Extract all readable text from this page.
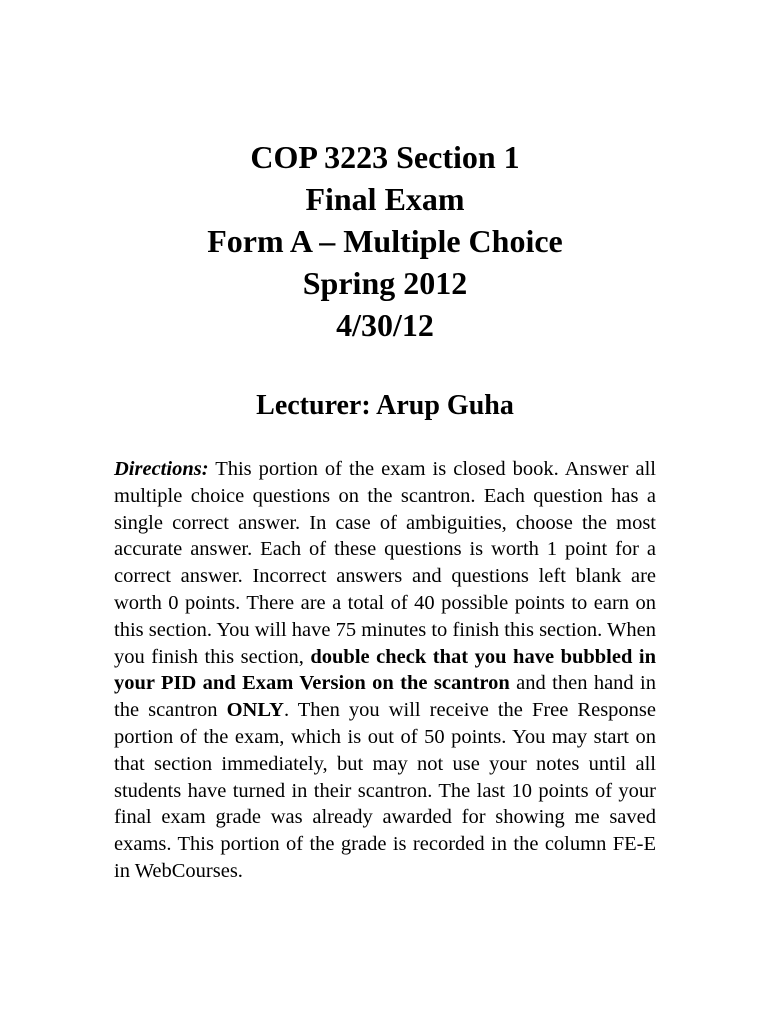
COP 3223 Section 1
Final Exam
Form A – Multiple Choice
Spring 2012
4/30/12
Lecturer: Arup Guha
Directions: This portion of the exam is closed book. Answer all multiple choice questions on the scantron. Each question has a single correct answer. In case of ambiguities, choose the most accurate answer. Each of these questions is worth 1 point for a correct answer. Incorrect answers and questions left blank are worth 0 points. There are a total of 40 possible points to earn on this section. You will have 75 minutes to finish this section. When you finish this section, double check that you have bubbled in your PID and Exam Version on the scantron and then hand in the scantron ONLY. Then you will receive the Free Response portion of the exam, which is out of 50 points. You may start on that section immediately, but may not use your notes until all students have turned in their scantron. The last 10 points of your final exam grade was already awarded for showing me saved exams. This portion of the grade is recorded in the column FE-E in WebCourses.
